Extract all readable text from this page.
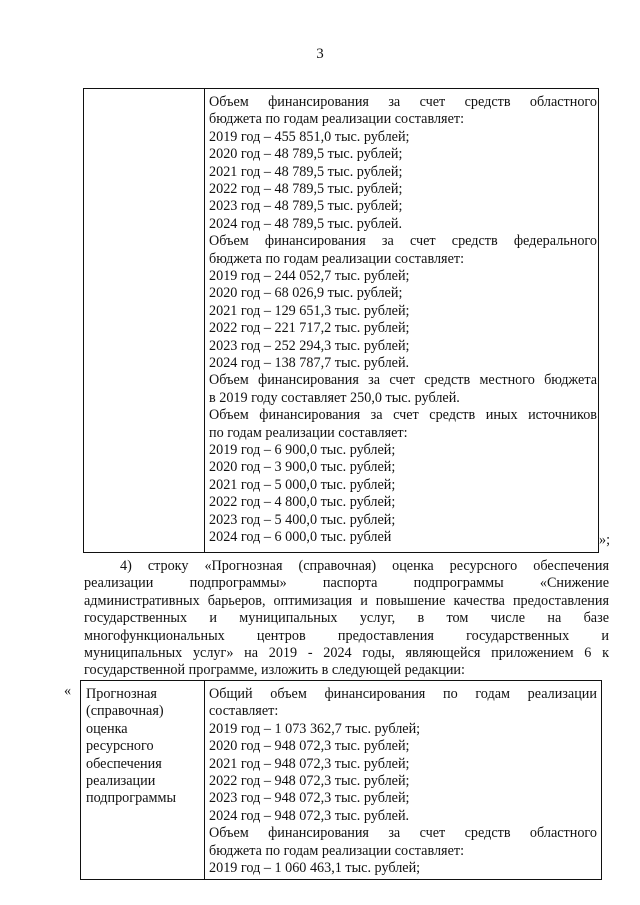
3
Объем финансирования за счет средств областного
бюджета по годам реализации составляет:
2019 год – 455 851,0 тыс. рублей;
2020 год – 48 789,5 тыс. рублей;
2021 год – 48 789,5 тыс. рублей;
2022 год – 48 789,5 тыс. рублей;
2023 год – 48 789,5 тыс. рублей;
2024 год – 48 789,5 тыс. рублей.
Объем финансирования за счет средств федерального
бюджета по годам реализации составляет:
2019 год – 244 052,7 тыс. рублей;
2020 год – 68 026,9 тыс. рублей;
2021 год – 129 651,3 тыс. рублей;
2022 год – 221 717,2 тыс. рублей;
2023 год – 252 294,3 тыс. рублей;
2024 год – 138 787,7 тыс. рублей.
Объем финансирования за счет средств местного бюджета
в 2019 году составляет 250,0 тыс. рублей.
Объем финансирования за счет средств иных источников
по годам реализации составляет:
2019 год – 6 900,0 тыс. рублей;
2020 год – 3 900,0 тыс. рублей;
2021 год – 5 000,0 тыс. рублей;
2022 год – 4 800,0 тыс. рублей;
2023 год – 5 400,0 тыс. рублей;
2024 год – 6 000,0 тыс. рублей	»;
4) строку «Прогнозная (справочная) оценка ресурсного обеспечения
реализации подпрограммы» паспорта подпрограммы «Снижение
административных барьеров, оптимизация и повышение качества предоставления
государственных и муниципальных услуг, в том числе на базе
многофункциональных центров предоставления государственных и
муниципальных услуг» на 2019 - 2024 годы, являющейся приложением 6 к
государственной программе, изложить в следующей редакции:
« Прогнозная
(справочная)
оценка
ресурсного
обеспечения
реализации
подпрограммы
Общий объем финансирования по годам реализации
составляет:
2019 год – 1 073 362,7 тыс. рублей;
2020 год – 948 072,3 тыс. рублей;
2021 год – 948 072,3 тыс. рублей;
2022 год – 948 072,3 тыс. рублей;
2023 год – 948 072,3 тыс. рублей;
2024 год – 948 072,3 тыс. рублей.
Объем финансирования за счет средств областного
бюджета по годам реализации составляет:
2019 год – 1 060 463,1 тыс. рублей;
